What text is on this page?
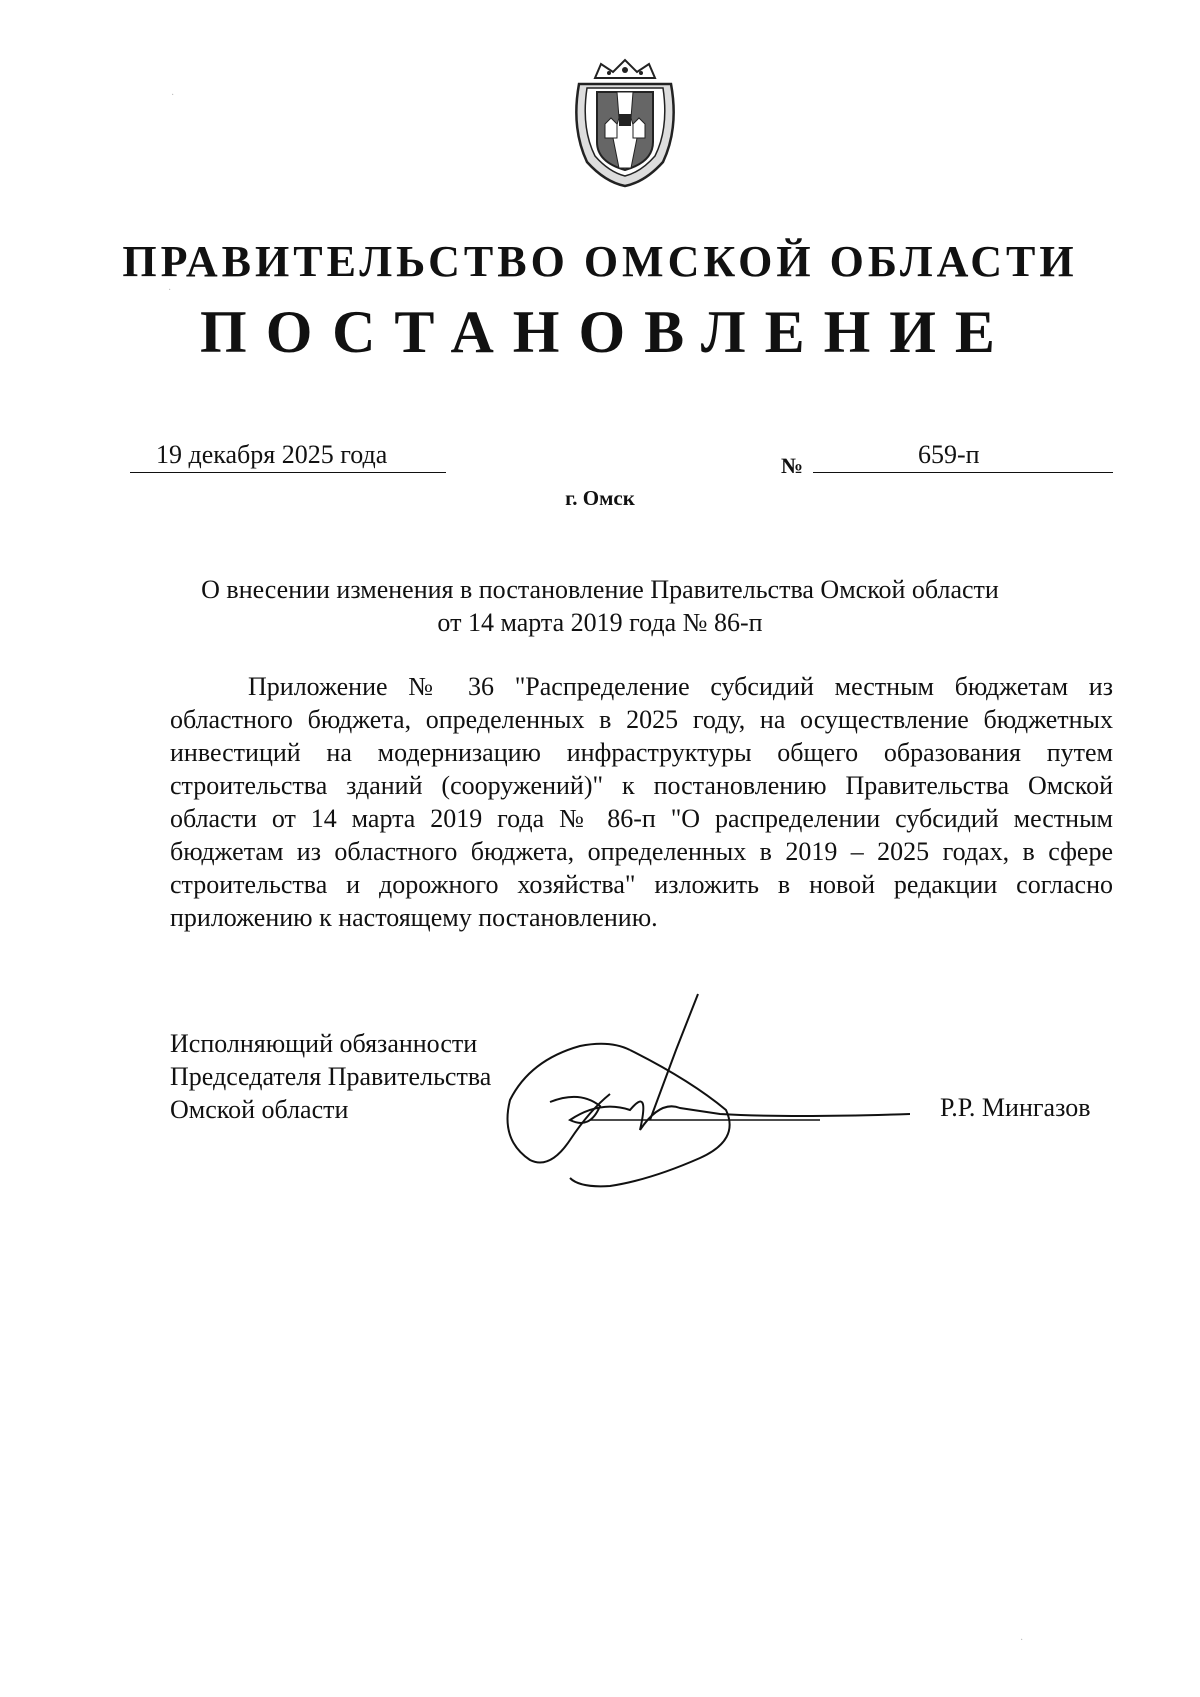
ПРАВИТЕЛЬСТВО ОМСКОЙ ОБЛАСТИ
ПОСТАНОВЛЕНИЕ
19 декабря 2025 года	№	659-п
г. Омск
О внесении изменения в постановление Правительства Омской области
от 14 марта 2019 года № 86-п

Приложение № 36 "Распределение субсидий местным бюджетам из областного бюджета, определенных в 2025 году, на осуществление бюджетных инвестиций на модернизацию инфраструктуры общего образования путем строительства зданий (сооружений)" к постановлению Правительства Омской области от 14 марта 2019 года № 86-п "О распределении субсидий местным бюджетам из областного бюджета, определенных в 2019 – 2025 годах, в сфере строительства и дорожного хозяйства" изложить в новой редакции согласно приложению к настоящему постановлению.

Исполняющий обязанности
Председателя Правительства
Омской области	Р.Р. Мингазов
·
·
·
